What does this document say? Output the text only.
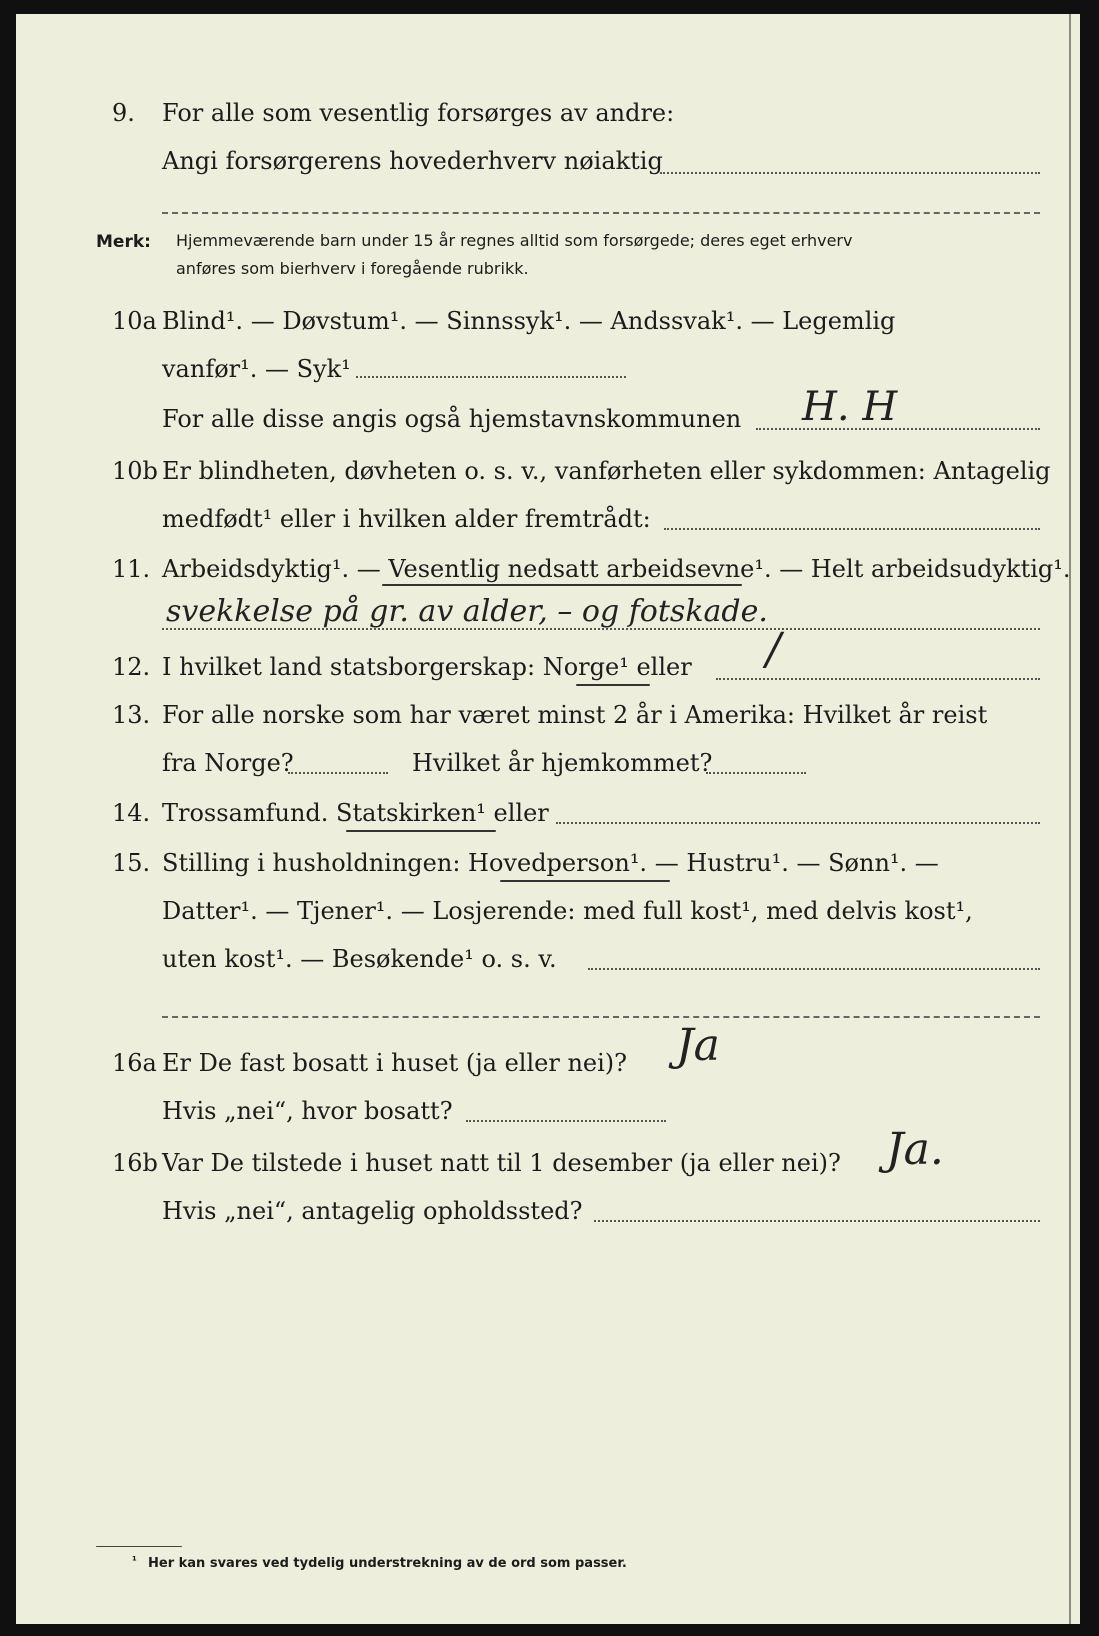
9. For alle som vesentlig forsørges av andre:
Angi forsørgerens hovederhverv nøiaktig
Merk: Hjemmeværende barn under 15 år regnes alltid som forsørgede; deres eget erhverv
anføres som bierhverv i foregående rubrikk.
10a Blind¹. — Døvstum¹. — Sinnssyk¹. — Andssvak¹. — Legemlig
vanfør¹. — Syk¹
For alle disse angis også hjemstavnskommunen H. H
10b Er blindheten, døvheten o. s. v., vanførheten eller sykdommen: Antagelig
medfødt¹ eller i hvilken alder fremtrådt:
11. Arbeidsdyktig¹. — Vesentlig nedsatt arbeidsevne¹. — Helt arbeidsudyktig¹.
svekkelse på gr. av alder, – og fotskade.
12. I hvilket land statsborgerskap: Norge¹ eller /
13. For alle norske som har været minst 2 år i Amerika: Hvilket år reist
fra Norge?	Hvilket år hjemkommet?
14. Trossamfund. Statskirken¹ eller
15. Stilling i husholdningen: Hovedperson¹. — Hustru¹. — Sønn¹. —
Datter¹. — Tjener¹. — Losjerende: med full kost¹, med delvis kost¹,
uten kost¹. — Besøkende¹ o. s. v.
16a Er De fast bosatt i huset (ja eller nei)? Ja
Hvis „nei“, hvor bosatt?
16b Var De tilstede i huset natt til 1 desember (ja eller nei)? Ja.
Hvis „nei“, antagelig opholdssted?
¹ Her kan svares ved tydelig understrekning av de ord som passer.
